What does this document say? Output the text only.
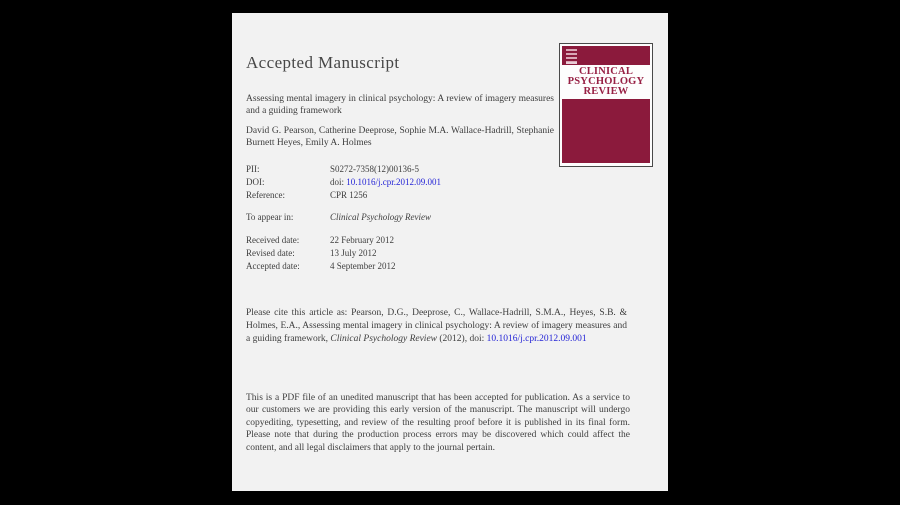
Accepted Manuscript
Assessing mental imagery in clinical psychology: A review of imagery measures and a guiding framework
David G. Pearson, Catherine Deeprose, Sophie M.A. Wallace-Hadrill, Stephanie Burnett Heyes, Emily A. Holmes
PII:	S0272-7358(12)00136-5
DOI:	doi: 10.1016/j.cpr.2012.09.001
Reference:	CPR 1256
To appear in:	Clinical Psychology Review
Received date:	22 February 2012
Revised date:	13 July 2012
Accepted date:	4 September 2012
Please cite this article as: Pearson, D.G., Deeprose, C., Wallace-Hadrill, S.M.A., Heyes, S.B. & Holmes, E.A., Assessing mental imagery in clinical psychology: A review of imagery measures and a guiding framework, Clinical Psychology Review (2012), doi: 10.1016/j.cpr.2012.09.001
This is a PDF file of an unedited manuscript that has been accepted for publication. As a service to our customers we are providing this early version of the manuscript. The manuscript will undergo copyediting, typesetting, and review of the resulting proof before it is published in its final form. Please note that during the production process errors may be discovered which could affect the content, and all legal disclaimers that apply to the journal pertain.
CLINICAL
PSYCHOLOGY
REVIEW
